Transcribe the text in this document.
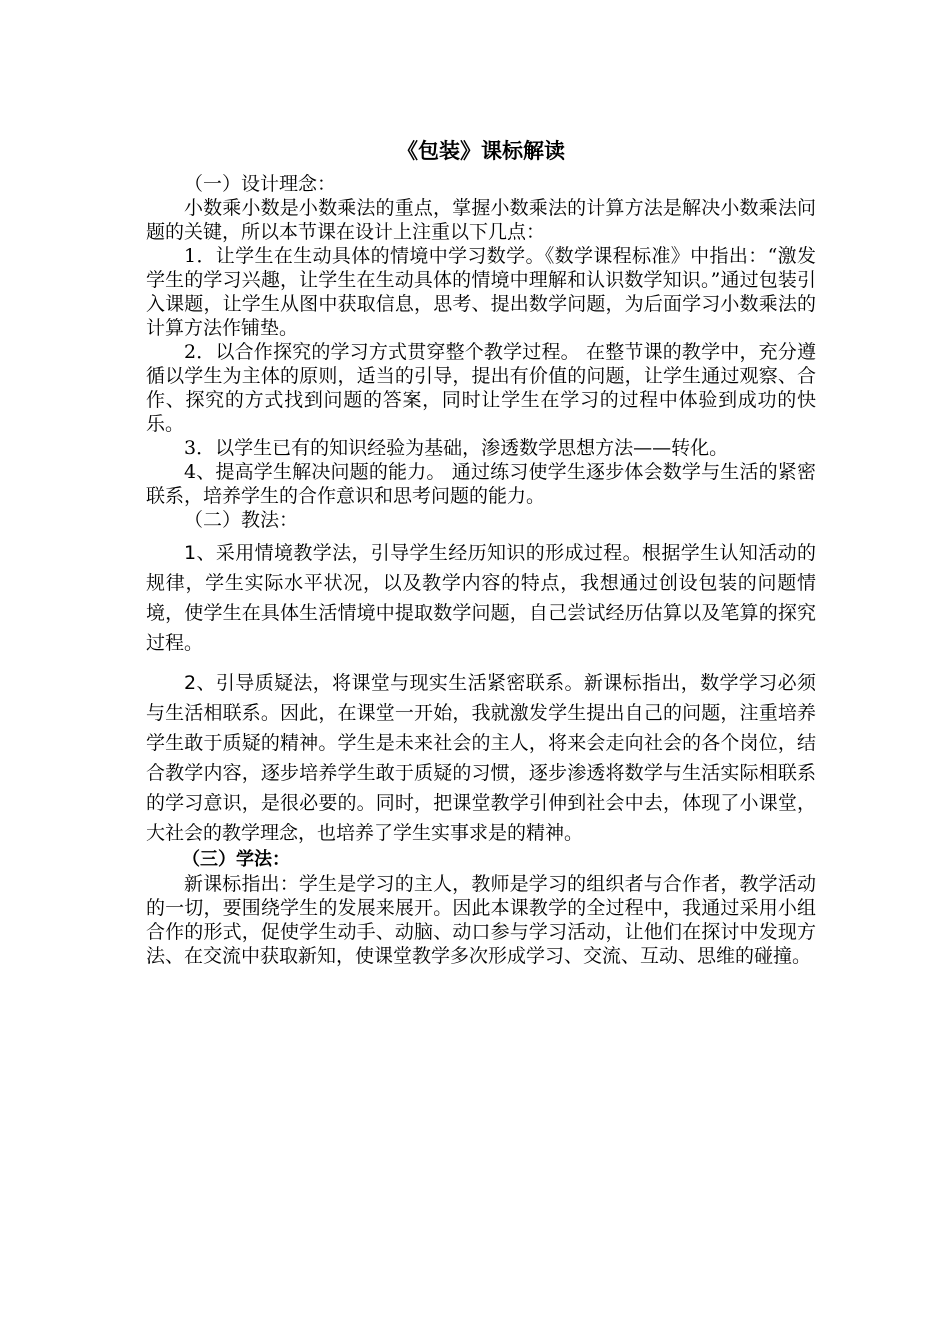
《包装》课标解读

（一）设计理念：

小数乘小数是小数乘法的重点，掌握小数乘法的计算方法是解决小数乘法问题的关键，所以本节课在设计上注重以下几点：

1．让学生在生动具体的情境中学习数学。《数学课程标准》中指出：“激发学生的学习兴趣，让学生在生动具体的情境中理解和认识数学知识。”通过包装引入课题，让学生从图中获取信息，思考、提出数学问题，为后面学习小数乘法的计算方法作铺垫。

2．以合作探究的学习方式贯穿整个教学过程。 在整节课的教学中，充分遵循以学生为主体的原则，适当的引导，提出有价值的问题，让学生通过观察、合作、探究的方式找到问题的答案，同时让学生在学习的过程中体验到成功的快乐。

3．以学生已有的知识经验为基础，渗透数学思想方法——转化。

4、提高学生解决问题的能力。 通过练习使学生逐步体会数学与生活的紧密联系，培养学生的合作意识和思考问题的能力。

（二）教法：

1、采用情境教学法，引导学生经历知识的形成过程。根据学生认知活动的规律，学生实际水平状况，以及教学内容的特点，我想通过创设包装的问题情境，使学生在具体生活情境中提取数学问题，自己尝试经历估算以及笔算的探究过程。

2、引导质疑法，将课堂与现实生活紧密联系。新课标指出，数学学习必须与生活相联系。因此，在课堂一开始，我就激发学生提出自己的问题，注重培养学生敢于质疑的精神。学生是未来社会的主人，将来会走向社会的各个岗位，结合教学内容，逐步培养学生敢于质疑的习惯，逐步渗透将数学与生活实际相联系的学习意识，是很必要的。同时，把课堂教学引伸到社会中去，体现了小课堂，大社会的教学理念，也培养了学生实事求是的精神。

（三）学法：

新课标指出：学生是学习的主人，教师是学习的组织者与合作者，教学活动的一切，要围绕学生的发展来展开。因此本课教学的全过程中，我通过采用小组合作的形式，促使学生动手、动脑、动口参与学习活动，让他们在探讨中发现方法、在交流中获取新知，使课堂教学多次形成学习、交流、互动、思维的碰撞。
